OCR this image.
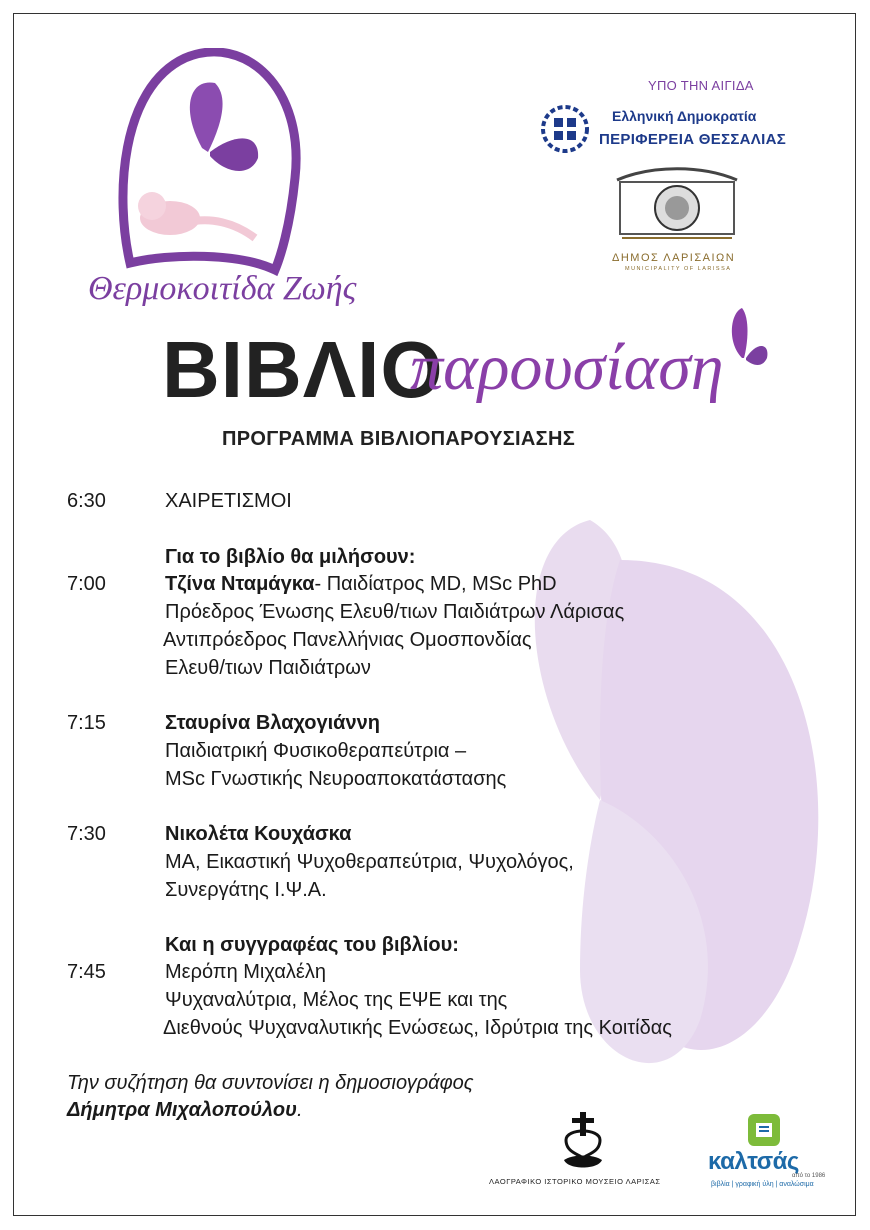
Θερμοκοιτίδα Ζωής
ΥΠΟ ΤΗΝ ΑΙΓΙΔΑ
Ελληνική Δημοκρατία
ΠΕΡΙΦΕΡΕΙΑ ΘΕΣΣΑΛΙΑΣ
ΔΗΜΟΣ ΛΑΡΙΣΑΙΩΝ
MUNICIPALITY OF LARISSA
ΒΙΒΛΙΟ
παρουσίαση
ΠΡΟΓΡΑΜΜΑ ΒΙΒΛΙΟΠΑΡΟΥΣΙΑΣΗΣ
6:30	ΧΑΙΡΕΤΙΣΜΟΙ
Για το βιβλίο θα μιλήσουν:
7:00	Τζίνα Νταμάγκα- Παιδίατρος MD, MSc PhD
Πρόεδρος Ένωσης Ελευθ/τιων Παιδιάτρων Λάρισας
Αντιπρόεδρος Πανελλήνιας Ομοσπονδίας
Ελευθ/τιων Παιδιάτρων
7:15	Σταυρίνα Βλαχογιάννη
Παιδιατρική Φυσικοθεραπεύτρια –
MSc Γνωστικής Νευροαποκατάστασης
7:30	Νικολέτα Κουχάσκα
ΜΑ, Εικαστική Ψυχοθεραπεύτρια, Ψυχολόγος,
Συνεργάτης Ι.Ψ.Α.
Και η συγγραφέας του βιβλίου:
7:45	Μερόπη Μιχαλέλη
Ψυχαναλύτρια, Μέλος της ΕΨΕ και της
Διεθνούς Ψυχαναλυτικής Ενώσεως, Ιδρύτρια της Κοιτίδας
Την συζήτηση θα συντονίσει η δημοσιογράφος
Δήμητρα Μιχαλοπούλου.
ΛΑΟΓΡΑΦΙΚΟ ΙΣΤΟΡΙΚΟ ΜΟΥΣΕΙΟ ΛΑΡΙΣΑΣ
καλτσάς
από το 1986
βιβλία | γραφική ύλη | αναλώσιμα
